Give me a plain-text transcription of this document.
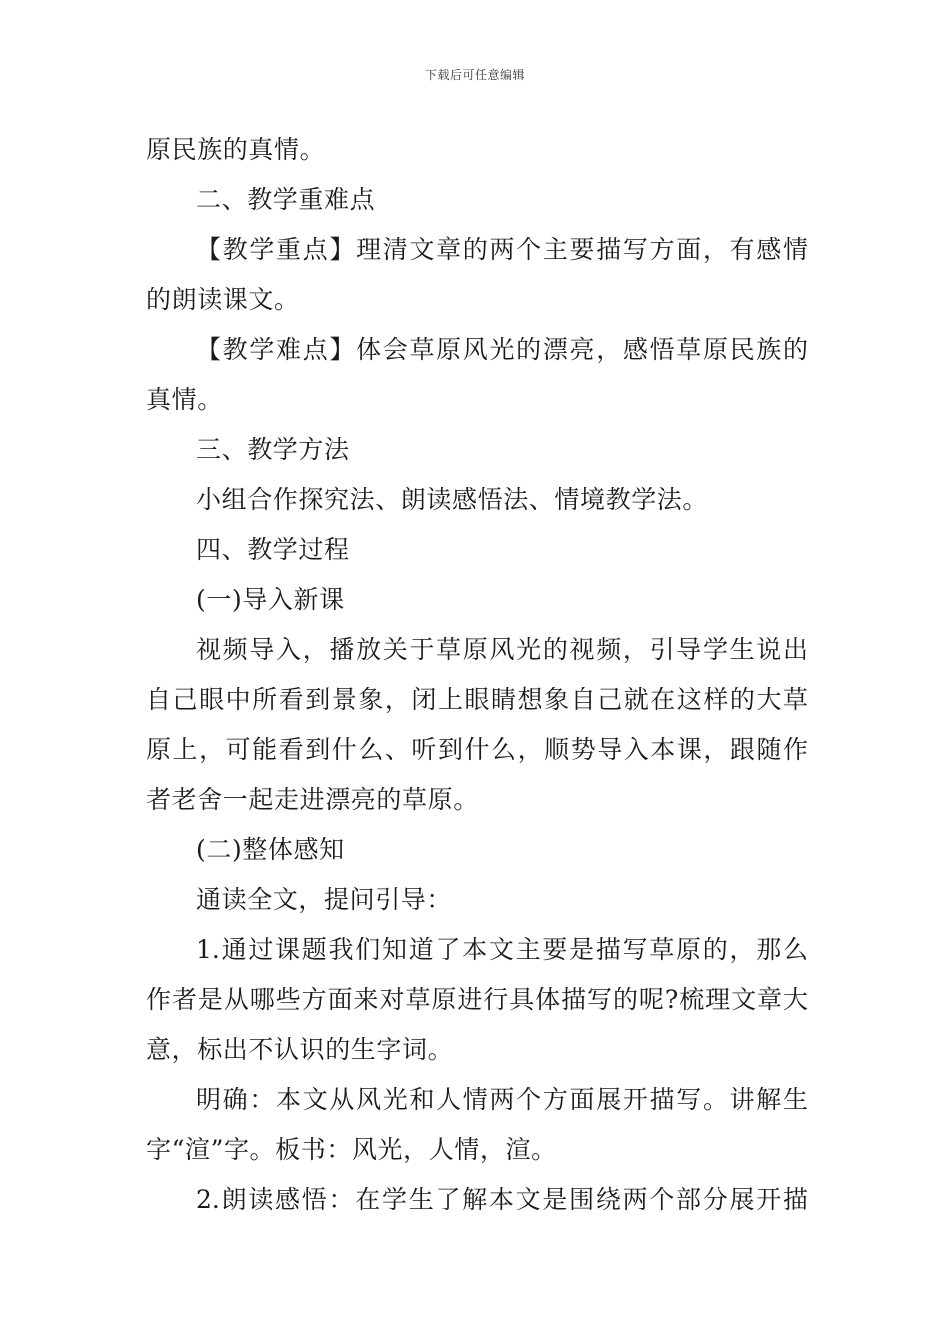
下载后可任意编辑
原民族的真情。
二、教学重难点
【教学重点】理清文章的两个主要描写方面，有感情
的朗读课文。
【教学难点】体会草原风光的漂亮，感悟草原民族的
真情。
三、教学方法
小组合作探究法、朗读感悟法、情境教学法。
四、教学过程
(一)导入新课
视频导入，播放关于草原风光的视频，引导学生说出
自己眼中所看到景象，闭上眼睛想象自己就在这样的大草
原上，可能看到什么、听到什么，顺势导入本课，跟随作
者老舍一起走进漂亮的草原。
(二)整体感知
通读全文，提问引导：
1.通过课题我们知道了本文主要是描写草原的，那么
作者是从哪些方面来对草原进行具体描写的呢?梳理文章大
意，标出不认识的生字词。
明确：本文从风光和人情两个方面展开描写。讲解生
字“渲”字。板书：风光，人情，渲。
2.朗读感悟：在学生了解本文是围绕两个部分展开描
